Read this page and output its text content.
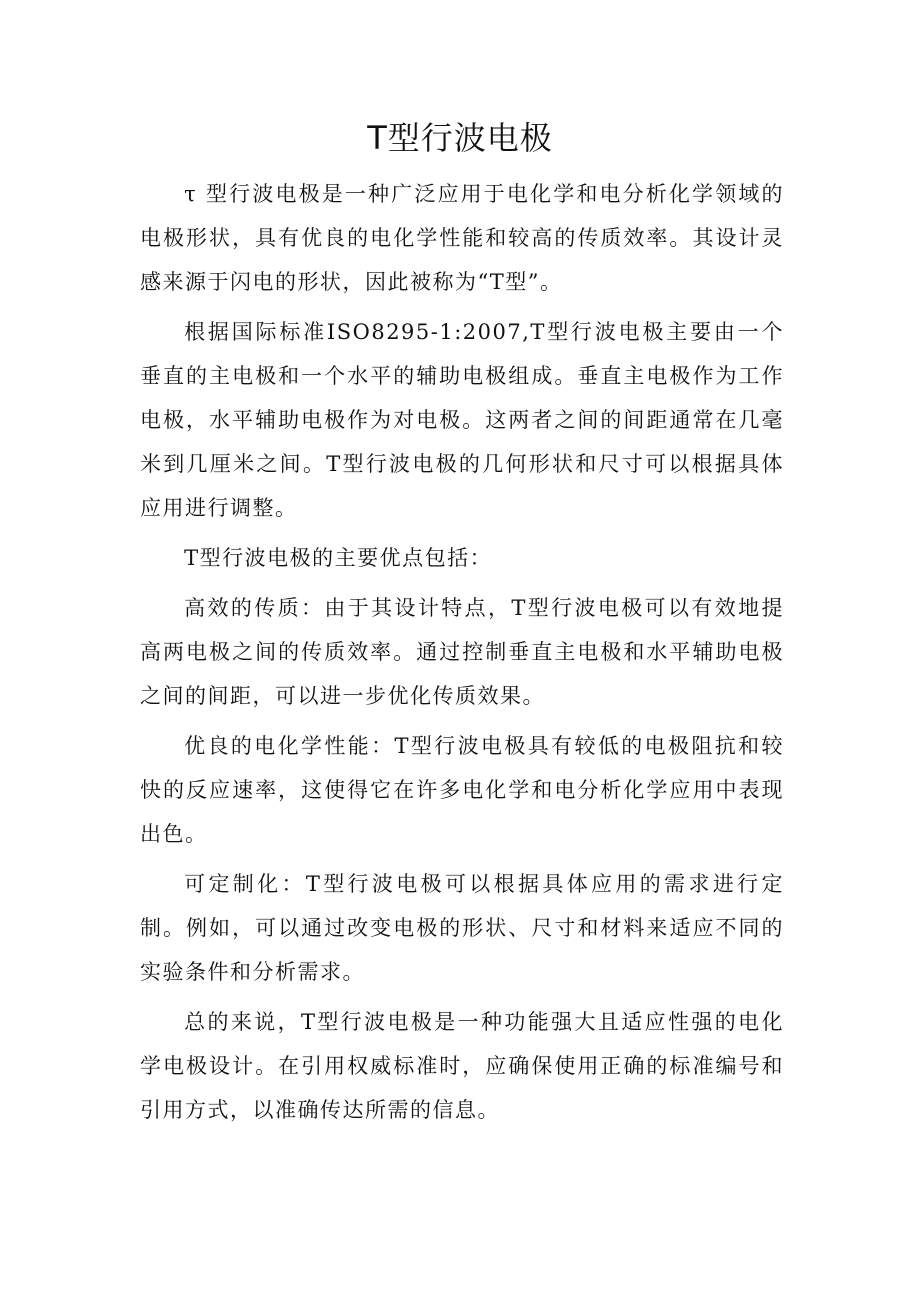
T型行波电极

τ 型行波电极是一种广泛应用于电化学和电分析化学领域的电极形状，具有优良的电化学性能和较高的传质效率。其设计灵感来源于闪电的形状，因此被称为“T型”。

根据国际标准ISO8295-1:2007,T型行波电极主要由一个垂直的主电极和一个水平的辅助电极组成。垂直主电极作为工作电极，水平辅助电极作为对电极。这两者之间的间距通常在几毫米到几厘米之间。T型行波电极的几何形状和尺寸可以根据具体应用进行调整。

T型行波电极的主要优点包括：

高效的传质：由于其设计特点，T型行波电极可以有效地提高两电极之间的传质效率。通过控制垂直主电极和水平辅助电极之间的间距，可以进一步优化传质效果。

优良的电化学性能：T型行波电极具有较低的电极阻抗和较快的反应速率，这使得它在许多电化学和电分析化学应用中表现出色。

可定制化：T型行波电极可以根据具体应用的需求进行定制。例如，可以通过改变电极的形状、尺寸和材料来适应不同的实验条件和分析需求。

总的来说，T型行波电极是一种功能强大且适应性强的电化学电极设计。在引用权威标准时，应确保使用正确的标准编号和引用方式，以准确传达所需的信息。
